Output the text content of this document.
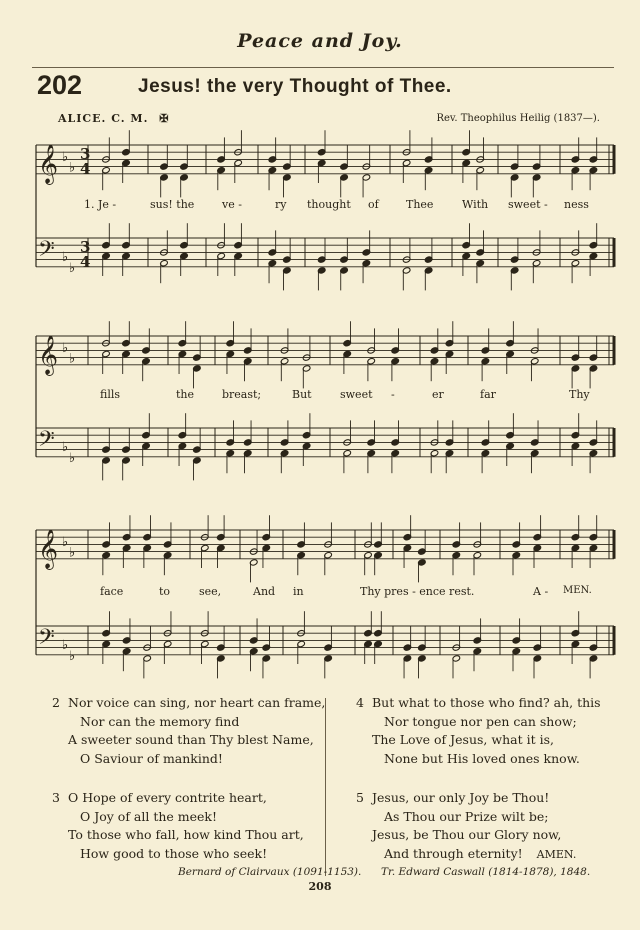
Peace and Joy.
202	Jesus! the very Thought of Thee.
ALICE. C. M. ✠	Rev. Theophilus Heilig (1837—).
𝄞 ♭
♭
3
4
𝄢 ♭
♭
3
4
𝄞 ♭
♭
𝄢 ♭
♭
𝄞 ♭
♭
𝄢 ♭
♭
1. Je -	sus! the	ve -	ry thought of Thee	With sweet - ness
fills	the	breast;	But	sweet -	er	far	Thy
face	to	see,	And in	Thy pres - ence rest.	A - MEN.
2 Nor voice can sing, nor heart can frame,
Nor can the memory find
A sweeter sound than Thy blest Name,
O Saviour of mankind!
3 O Hope of every contrite heart,
O Joy of all the meek!
To those who fall, how kind Thou art,
How good to those who seek!
4 But what to those who find? ah, this
Nor tongue nor pen can show;
The Love of Jesus, what it is,
None but His loved ones know.
5 Jesus, our only Joy be Thou!
As Thou our Prize wilt be;
Jesus, be Thou our Glory now,
And through eternity! AMEN.
Bernard of Clairvaux (1091-1153). Tr. Edward Caswall (1814-1878), 1848.
208
